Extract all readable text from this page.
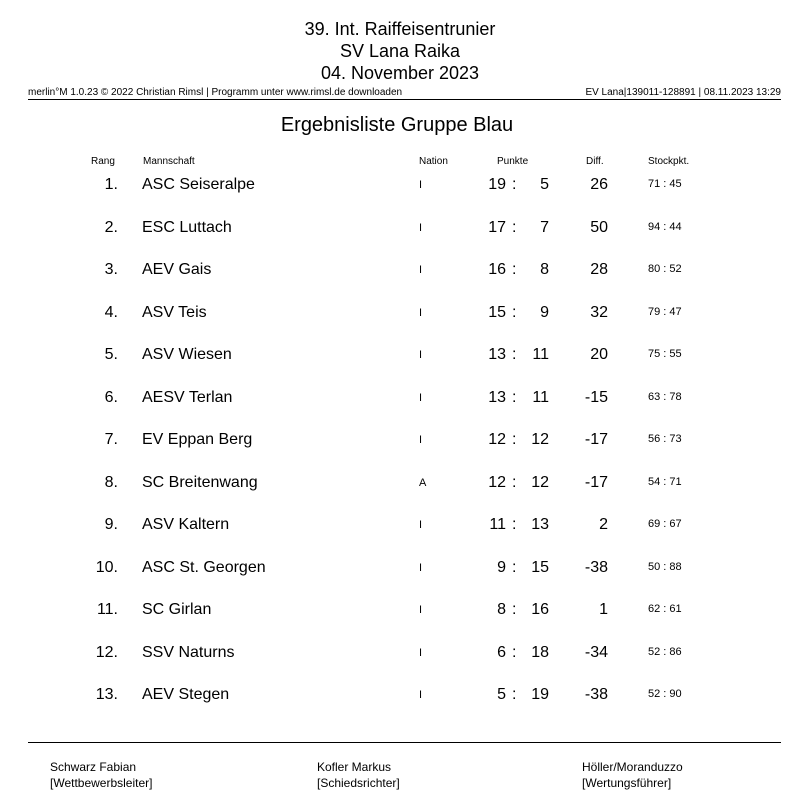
39. Int. Raiffeisentrunier
SV Lana Raika
04. November 2023
merlin°M 1.0.23 © 2022 Christian Rimsl | Programm unter www.rimsl.de downloaden	EV Lana|139011-128891 | 08.11.2023 13:29
Ergebnisliste Gruppe Blau
Rang	Mannschaft	Nation	Punkte	Diff.	Stockpkt.
1. ASC Seiseralpe	I	19 :	5	26	71 : 45
2. ESC Luttach	I	17 :	7	50	94 : 44
3. AEV Gais	I	16 :	8	28	80 : 52
4. ASV Teis	I	15 :	9	32	79 : 47
5. ASV Wiesen	I	13 : 11	20	75 : 55
6. AESV Terlan	I	13 : 11	-15	63 : 78
7. EV Eppan Berg	I	12 : 12	-17	56 : 73
8. SC Breitenwang	A	12 : 12	-17	54 : 71
9. ASV Kaltern	I	11 : 13	2	69 : 67
10. ASC St. Georgen	I	9 : 15	-38	50 : 88
11. SC Girlan	I	8 : 16	1	62 : 61
12. SSV Naturns	I	6 : 18	-34	52 : 86
13. AEV Stegen	I	5 : 19	-38	52 : 90
Schwarz Fabian
[Wettbewerbsleiter]
Kofler Markus
[Schiedsrichter]
Höller/Moranduzzo
[Wertungsführer]
